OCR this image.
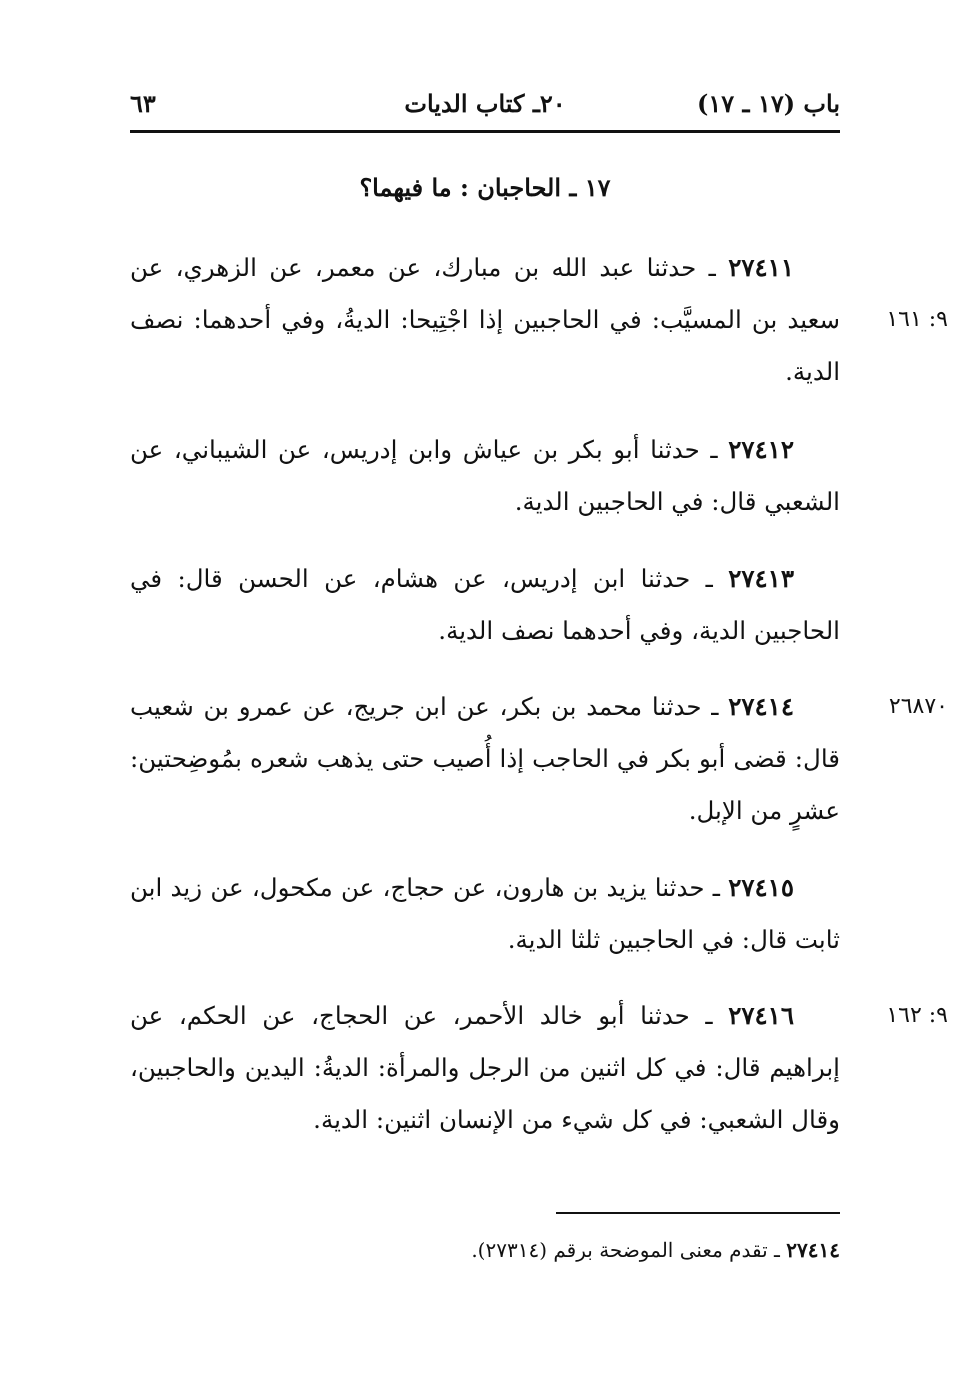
باب (١٧ ـ ١٧)
٢٠ـ كتاب الديات
٦٣
١٧ ـ الحاجبان : ما فيهما؟
٢٧٤١١ ـ حدثنا عبد الله بن مبارك، عن معمر، عن الزهري، عن سعيد بن المسيَّب: في الحاجبين إذا اجْتِيحا: الديةُ، وفي أحدهما: نصف الدية.
٩: ١٦١
٢٧٤١٢ ـ حدثنا أبو بكر بن عياش وابن إدريس، عن الشيباني، عن الشعبي قال: في الحاجبين الدية.
٢٧٤١٣ ـ حدثنا ابن إدريس، عن هشام، عن الحسن قال: في الحاجبين الدية، وفي أحدهما نصف الدية.
٢٧٤١٤ ـ حدثنا محمد بن بكر، عن ابن جريج، عن عمرو بن شعيب قال: قضى أبو بكر في الحاجب إذا أُصيب حتى يذهب شعره بمُوضِحتين: عشرٍ من الإبل.
٢٦٨٧٠
٢٧٤١٥ ـ حدثنا يزيد بن هارون، عن حجاج، عن مكحول، عن زيد ابن ثابت قال: في الحاجبين ثلثا الدية.
٢٧٤١٦ ـ حدثنا أبو خالد الأحمر، عن الحجاج، عن الحكم، عن إبراهيم قال: في كل اثنين من الرجل والمرأة: الديةُ: اليدين والحاجبين، وقال الشعبي: في كل شيء من الإنسان اثنين: الدية.
٩: ١٦٢
٢٧٤١٤ ـ تقدم معنى الموضحة برقم (٢٧٣١٤).
